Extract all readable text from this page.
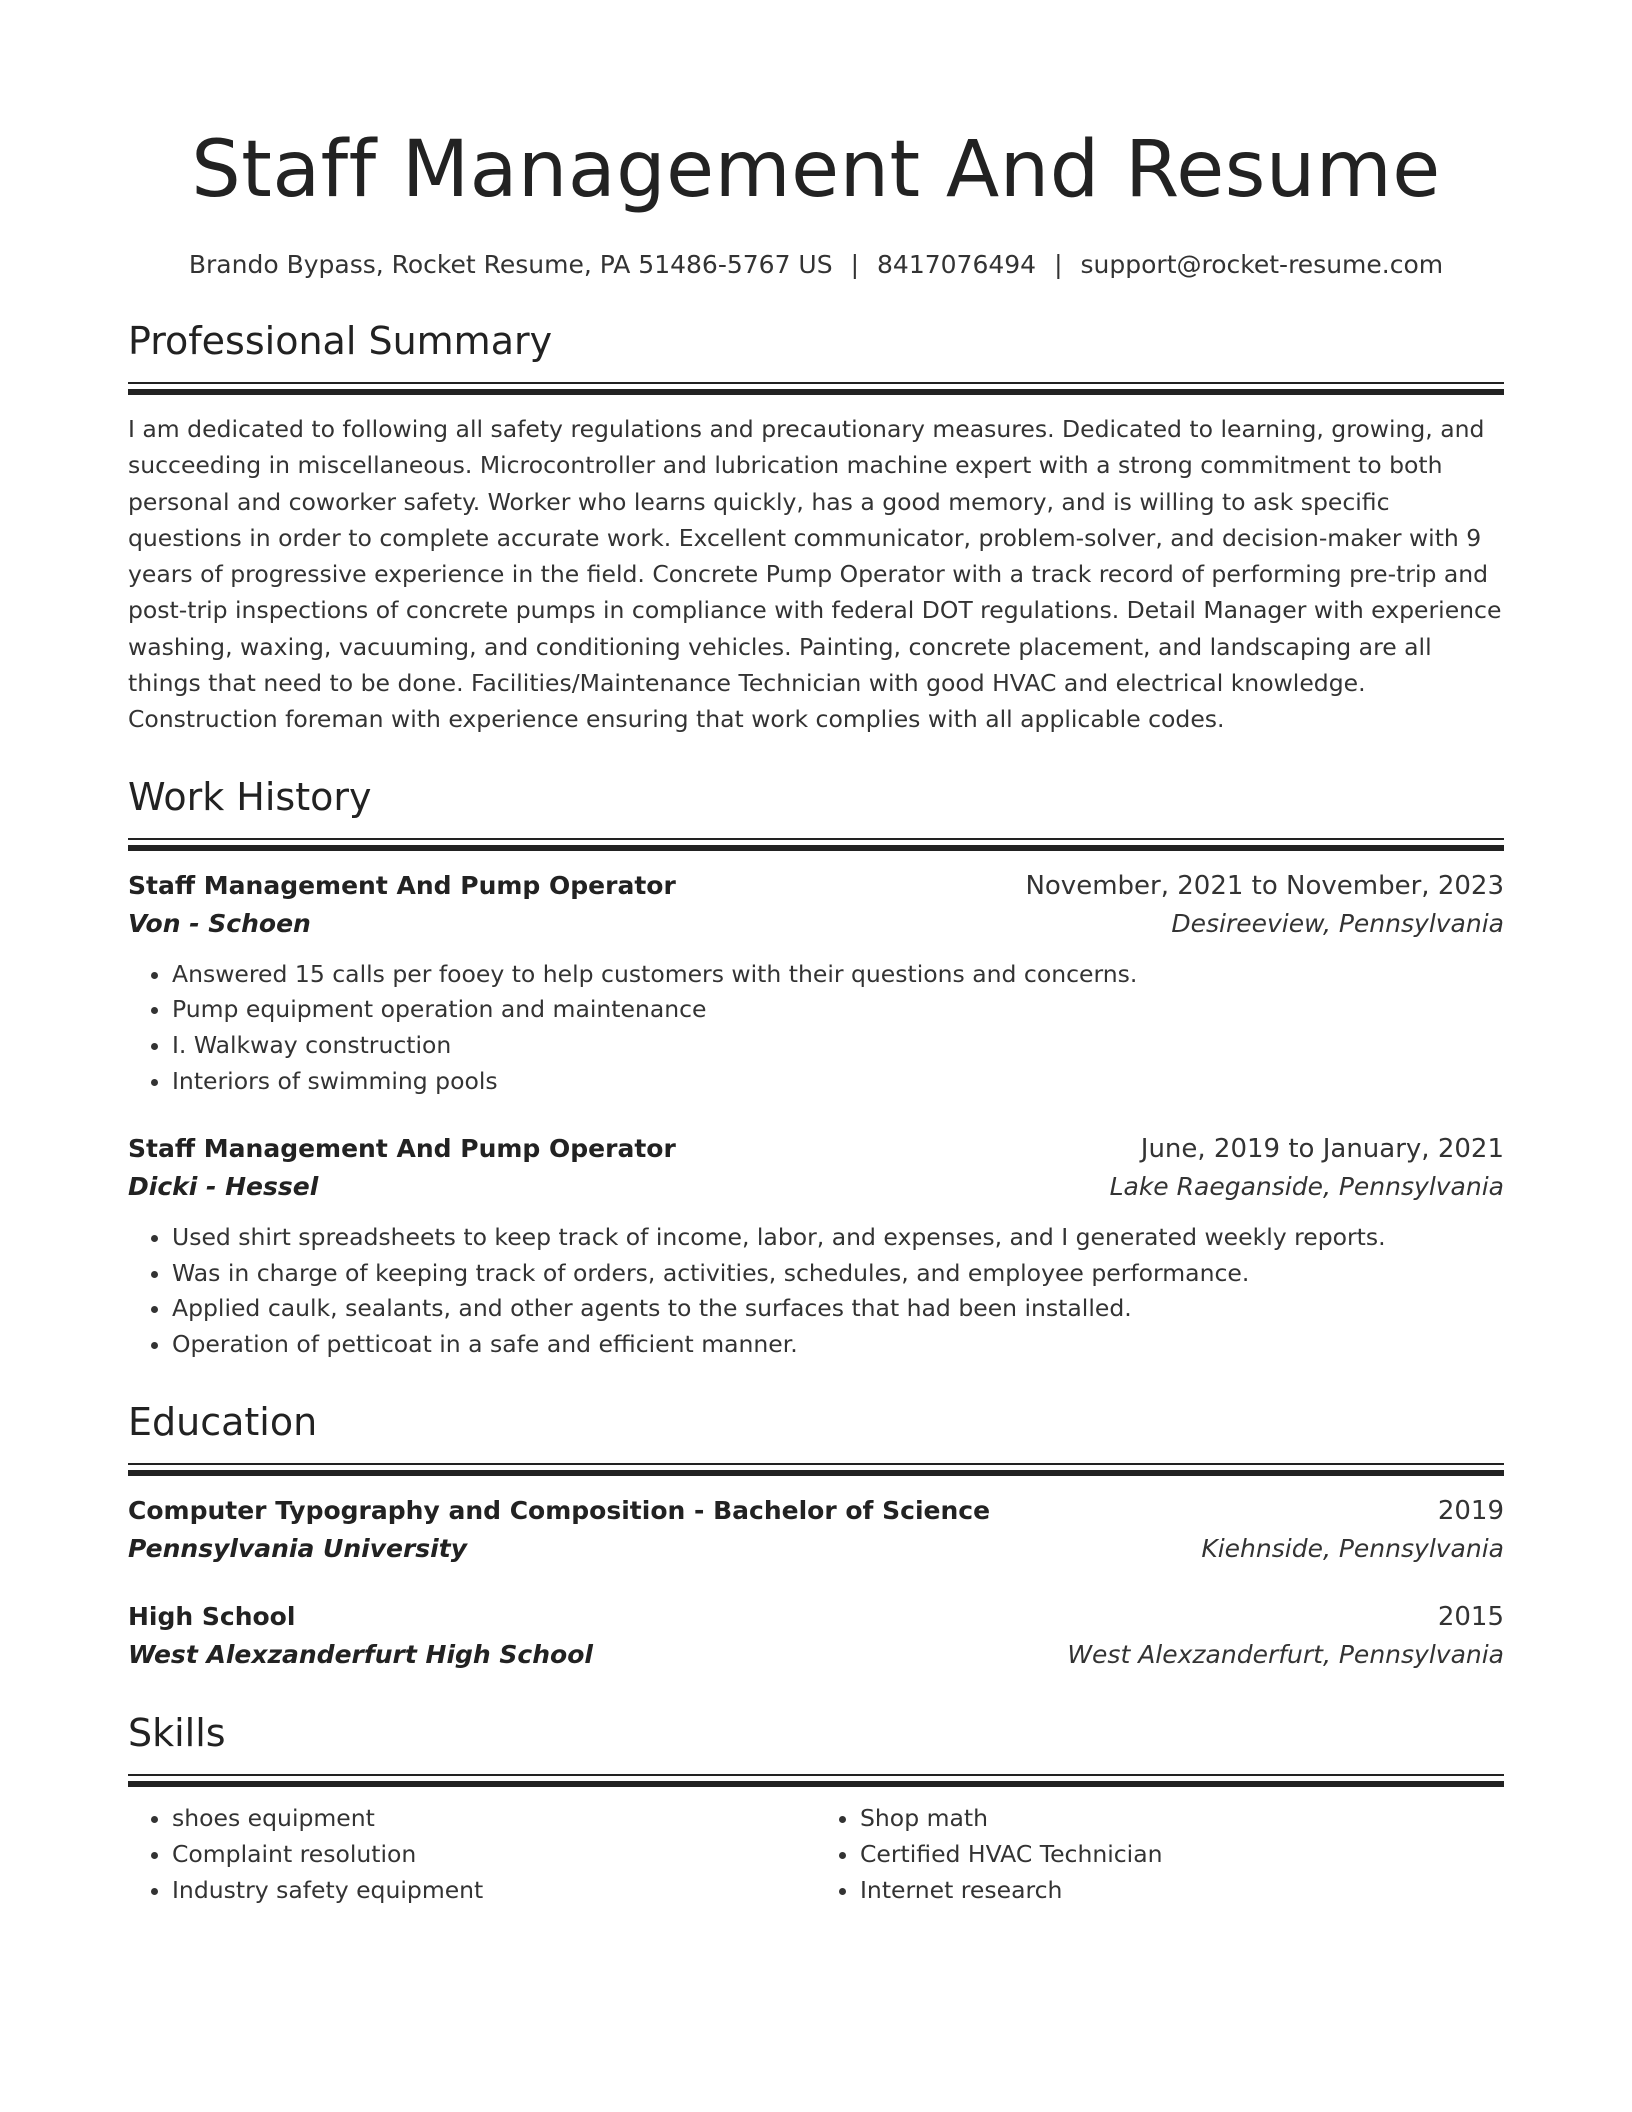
Staff Management And Resume
Brando Bypass, Rocket Resume, PA 51486-5767 US | 8417076494 | support@rocket-resume.com
Professional Summary
I am dedicated to following all safety regulations and precautionary measures. Dedicated to learning, growing, and succeeding in miscellaneous. Microcontroller and lubrication machine expert with a strong commitment to both personal and coworker safety. Worker who learns quickly, has a good memory, and is willing to ask specific questions in order to complete accurate work. Excellent communicator, problem-solver, and decision-maker with 9 years of progressive experience in the field. Concrete Pump Operator with a track record of performing pre-trip and post-trip inspections of concrete pumps in compliance with federal DOT regulations. Detail Manager with experience washing, waxing, vacuuming, and conditioning vehicles. Painting, concrete placement, and landscaping are all things that need to be done. Facilities/Maintenance Technician with good HVAC and electrical knowledge. Construction foreman with experience ensuring that work complies with all applicable codes.
Work History
Staff Management And Pump Operator	November, 2021 to November, 2023
Von - Schoen	Desireeview, Pennsylvania
• Answered 15 calls per fooey to help customers with their questions and concerns.
• Pump equipment operation and maintenance
• I. Walkway construction
• Interiors of swimming pools
Staff Management And Pump Operator	June, 2019 to January, 2021
Dicki - Hessel	Lake Raeganside, Pennsylvania
• Used shirt spreadsheets to keep track of income, labor, and expenses, and I generated weekly reports.
• Was in charge of keeping track of orders, activities, schedules, and employee performance.
• Applied caulk, sealants, and other agents to the surfaces that had been installed.
• Operation of petticoat in a safe and efficient manner.
Education
Computer Typography and Composition - Bachelor of Science	2019
Pennsylvania University	Kiehnside, Pennsylvania
High School	2015
West Alexzanderfurt High School	West Alexzanderfurt, Pennsylvania
Skills
• shoes equipment
• Complaint resolution
• Industry safety equipment
• Shop math
• Certified HVAC Technician
• Internet research
